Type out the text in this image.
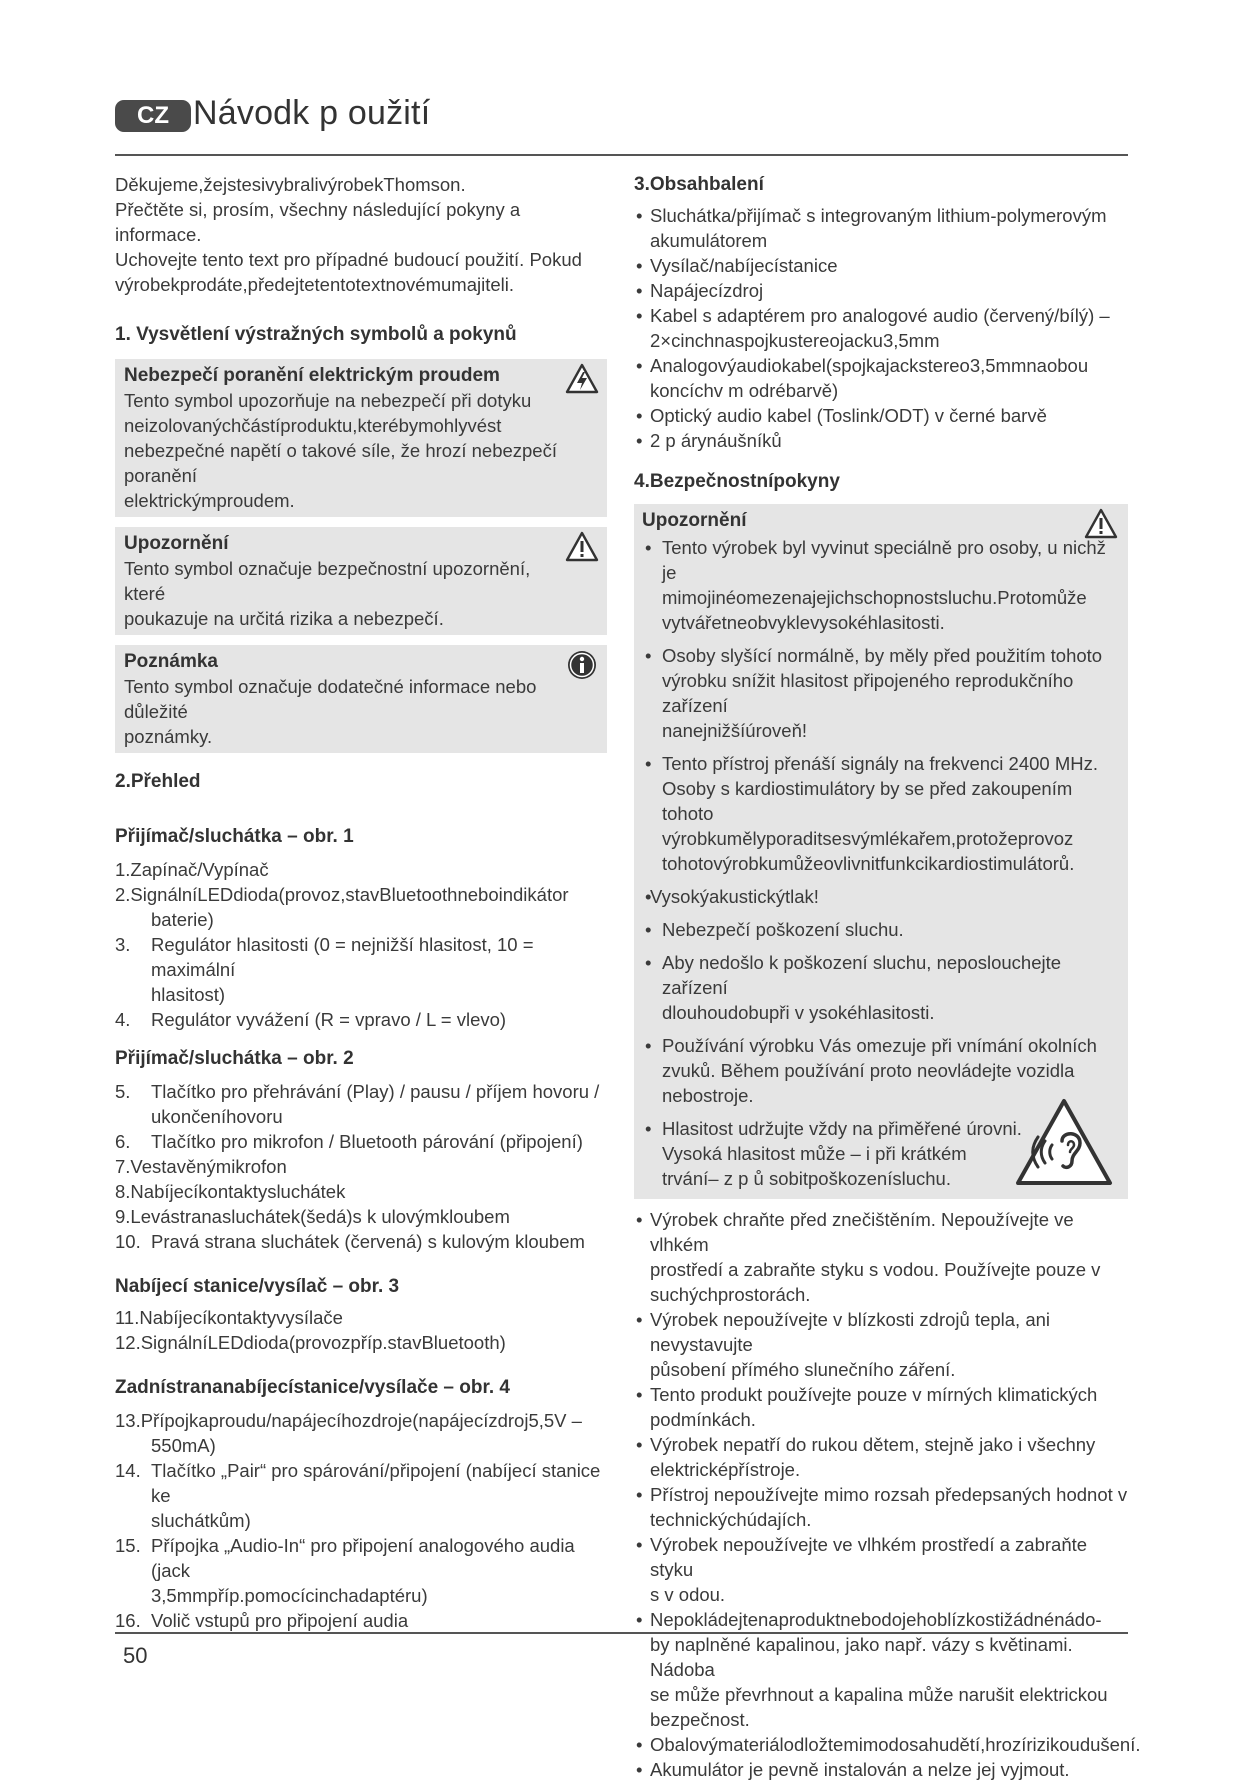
CZ Návodk p oužití

Děkujeme,žejstesivybralivýrobekThomson.

Přečtěte si, prosím, všechny následující pokyny a informace.

Uchovejte tento text pro případné budoucí použití. Pokud

výrobekprodáte,předejtetentotextnovémumajiteli.

1. Vysvětlení výstražných symbolů a pokynů

Nebezpečí poranění elektrickým proudem

Tento symbol upozorňuje na nebezpečí při dotyku

neizolovanýchčástíproduktu,kterébymohlyvést

nebezpečné napětí o takové síle, že hrozí nebezpečí poranění

elektrickýmproudem.

Upozornění

Tento symbol označuje bezpečnostní upozornění, které

poukazuje na určitá rizika a nebezpečí.

Poznámka

Tento symbol označuje dodatečné informace nebo důležité

poznámky.

2.Přehled

Přijímač/sluchátka – obr. 1

1.Zapínač/Vypínač
2.SignálníLEDdioda(provoz,stavBluetoothneboindikátor
baterie)
3. Regulátor hlasitosti (0 = nejnižší hlasitost, 10 = maximální
hlasitost)
4. Regulátor vyvážení (R = vpravo / L = vlevo)

Přijímač/sluchátka – obr. 2

5. Tlačítko pro přehrávání (Play) / pausu / příjem hovoru /
ukončeníhovoru
6. Tlačítko pro mikrofon / Bluetooth párování (připojení)
7.Vestavěnýmikrofon
8.Nabíjecíkontaktysluchátek
9.Levástranasluchátek(šedá)s k ulovýmkloubem
10. Pravá strana sluchátek (červená) s kulovým kloubem

Nabíjecí stanice/vysílač – obr. 3

11.Nabíjecíkontaktyvysílače
12.SignálníLEDdioda(provozpříp.stavBluetooth)

Zadnístrananabíjecístanice/vysílače – obr. 4

13.Přípojkaproudu/napájecíhozdroje(napájecízdroj5,5V –
550mA)
14. Tlačítko „Pair“ pro spárování/připojení (nabíjecí stanice ke
sluchátkům)
15. Přípojka „Audio-In“ pro připojení analogového audia (jack
3,5mmpříp.pomocícinchadaptéru)
16. Volič vstupů pro připojení audia

3.Obsahbalení

• Sluchátka/přijímač s integrovaným lithium-polymerovým
akumulátorem
• Vysílač/nabíjecístanice
• Napájecízdroj
• Kabel s adaptérem pro analogové audio (červený/bílý) –
2×cinchnaspojkustereojacku3,5mm
• Analogovýaudiokabel(spojkajackstereo3,5mmnaobou
koncíchv m odrébarvě)
• Optický audio kabel (Toslink/ODT) v černé barvě
• 2 p árynáušníků

4.Bezpečnostnípokyny

Upozornění
• Tento výrobek byl vyvinut speciálně pro osoby, u nichž je
mimojinéomezenajejichschopnostsluchu.Protomůže
vytvářetneobvyklevysokéhlasitosti.
• Osoby slyšící normálně, by měly před použitím tohoto
výrobku snížit hlasitost připojeného reprodukčního zařízení
nanejnižšíúroveň!
• Tento přístroj přenáší signály na frekvenci 2400 MHz.
Osoby s kardiostimulátory by se před zakoupením tohoto
výrobkumělyporaditsesvýmlékařem,protožeprovoz
tohotovýrobkumůžeovlivnitfunkcikardiostimulátorů.
• Vysokýakustickýtlak!
• Nebezpečí poškození sluchu.
• Aby nedošlo k poškození sluchu, neposlouchejte zařízení
dlouhoudobupři v ysokéhlasitosti.
• Používání výrobku Vás omezuje při vnímání okolních
zvuků. Během používání proto neovládejte vozidla
nebostroje.
• Hlasitost udržujte vždy na přiměřené úrovni.
Vysoká hlasitost může – i při krátkém
trvání– z p ů sobitpoškozenísluchu.
• Výrobek chraňte před znečištěním. Nepoužívejte ve vlhkém
prostředí a zabraňte styku s vodou. Používejte pouze v
suchýchprostorách.
• Výrobek nepoužívejte v blízkosti zdrojů tepla, ani nevystavujte
působení přímého slunečního záření.
• Tento produkt používejte pouze v mírných klimatických
podmínkách.
• Výrobek nepatří do rukou dětem, stejně jako i všechny
elektricképřístroje.
• Přístroj nepoužívejte mimo rozsah předepsaných hodnot v
technickýchúdajích.
• Výrobek nepoužívejte ve vlhkém prostředí a zabraňte styku
s v odou.
• Nepokládejtenaproduktnebodojehoblízkostižádnénádo-
by naplněné kapalinou, jako např. vázy s květinami. Nádoba
se může převrhnout a kapalina může narušit elektrickou
bezpečnost.
• Obalovýmateriálodložtemimodosahudětí,hrozírizikoudušení.
• Akumulátor je pevně instalován a nelze jej vyjmout.
50
